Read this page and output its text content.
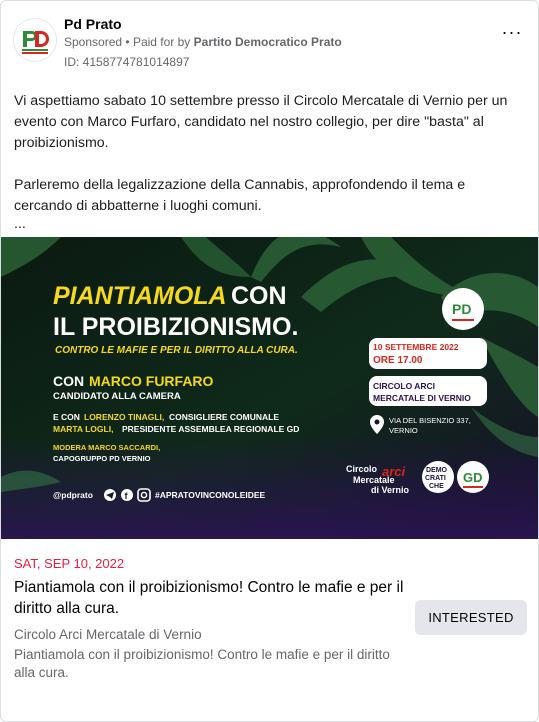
Pd Prato
Sponsored • Paid for by Partito Democratico Prato
ID: 4158774781014897
···

Vi aspettiamo sabato 10 settembre presso il Circolo Mercatale di Vernio per un evento con Marco Furfaro, candidato nel nostro collegio, per dire "basta" al proibizionismo.

Parleremo della legalizzazione della Cannabis, approfondendo il tema e cercando di abbatterne i luoghi comuni.

...

PIANTIAMOLA CON
IL PROIBIZIONISMO.
CONTRO LE MAFIE E PER IL DIRITTO ALLA CURA.
CON MARCO FURFARO
CANDIDATO ALLA CAMERA
E CON LORENZO TINAGLI, CONSIGLIERE COMUNALE
MARTA LOGLI, PRESIDENTE ASSEMBLEA REGIONALE GD
MODERA MARCO SACCARDI,
CAPOGRUPPO PD VERNIO
@pdprato	f	#APRATOVINCONOLEIDEE
PD
10 SETTEMBRE 2022
ORE 17.00
CIRCOLO ARCI
MERCATALE DI VERNIO
VIA DEL BISENZIO 337,
VERNIO
Circolo arci
Mercatale
di Vernio
DEMO
CRATI
CHE
GD
SAT, SEP 10, 2022
Piantiamola con il proibizionismo! Contro le mafie e per il diritto alla cura.
Circolo Arci Mercatale di Vernio
Piantiamola con il proibizionismo! Contro le mafie e per il diritto alla cura.
INTERESTED
